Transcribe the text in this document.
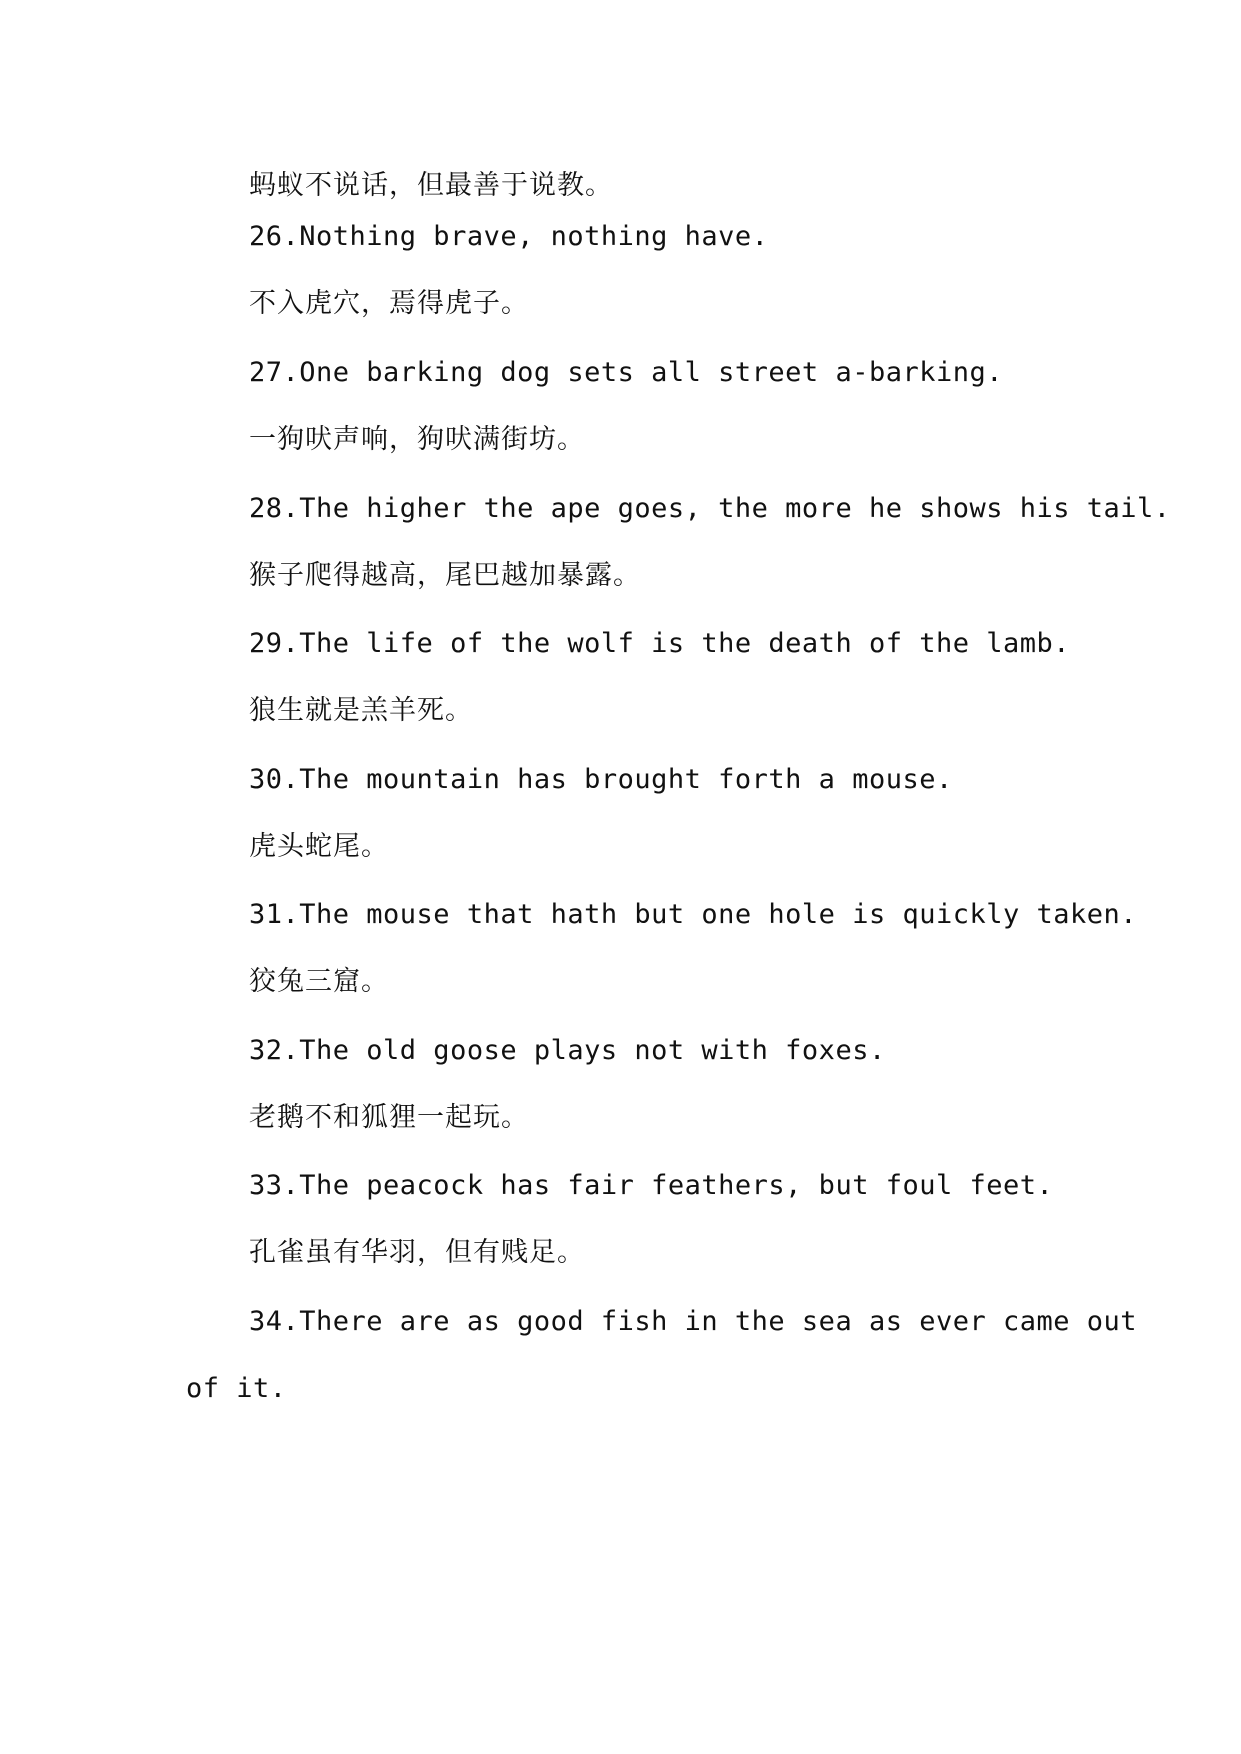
蚂蚁不说话，但最善于说教。
26.Nothing brave, nothing have.
不入虎穴，焉得虎子。
27.One barking dog sets all street a-barking.
一狗吠声响，狗吠满街坊。
28.The higher the ape goes, the more he shows his tail.
猴子爬得越高，尾巴越加暴露。
29.The life of the wolf is the death of the lamb.
狼生就是羔羊死。
30.The mountain has brought forth a mouse.
虎头蛇尾。
31.The mouse that hath but one hole is quickly taken.
狡兔三窟。
32.The old goose plays not with foxes.
老鹅不和狐狸一起玩。
33.The peacock has fair feathers, but foul feet.
孔雀虽有华羽，但有贱足。
34.There are as good fish in the sea as ever came out
of it.
